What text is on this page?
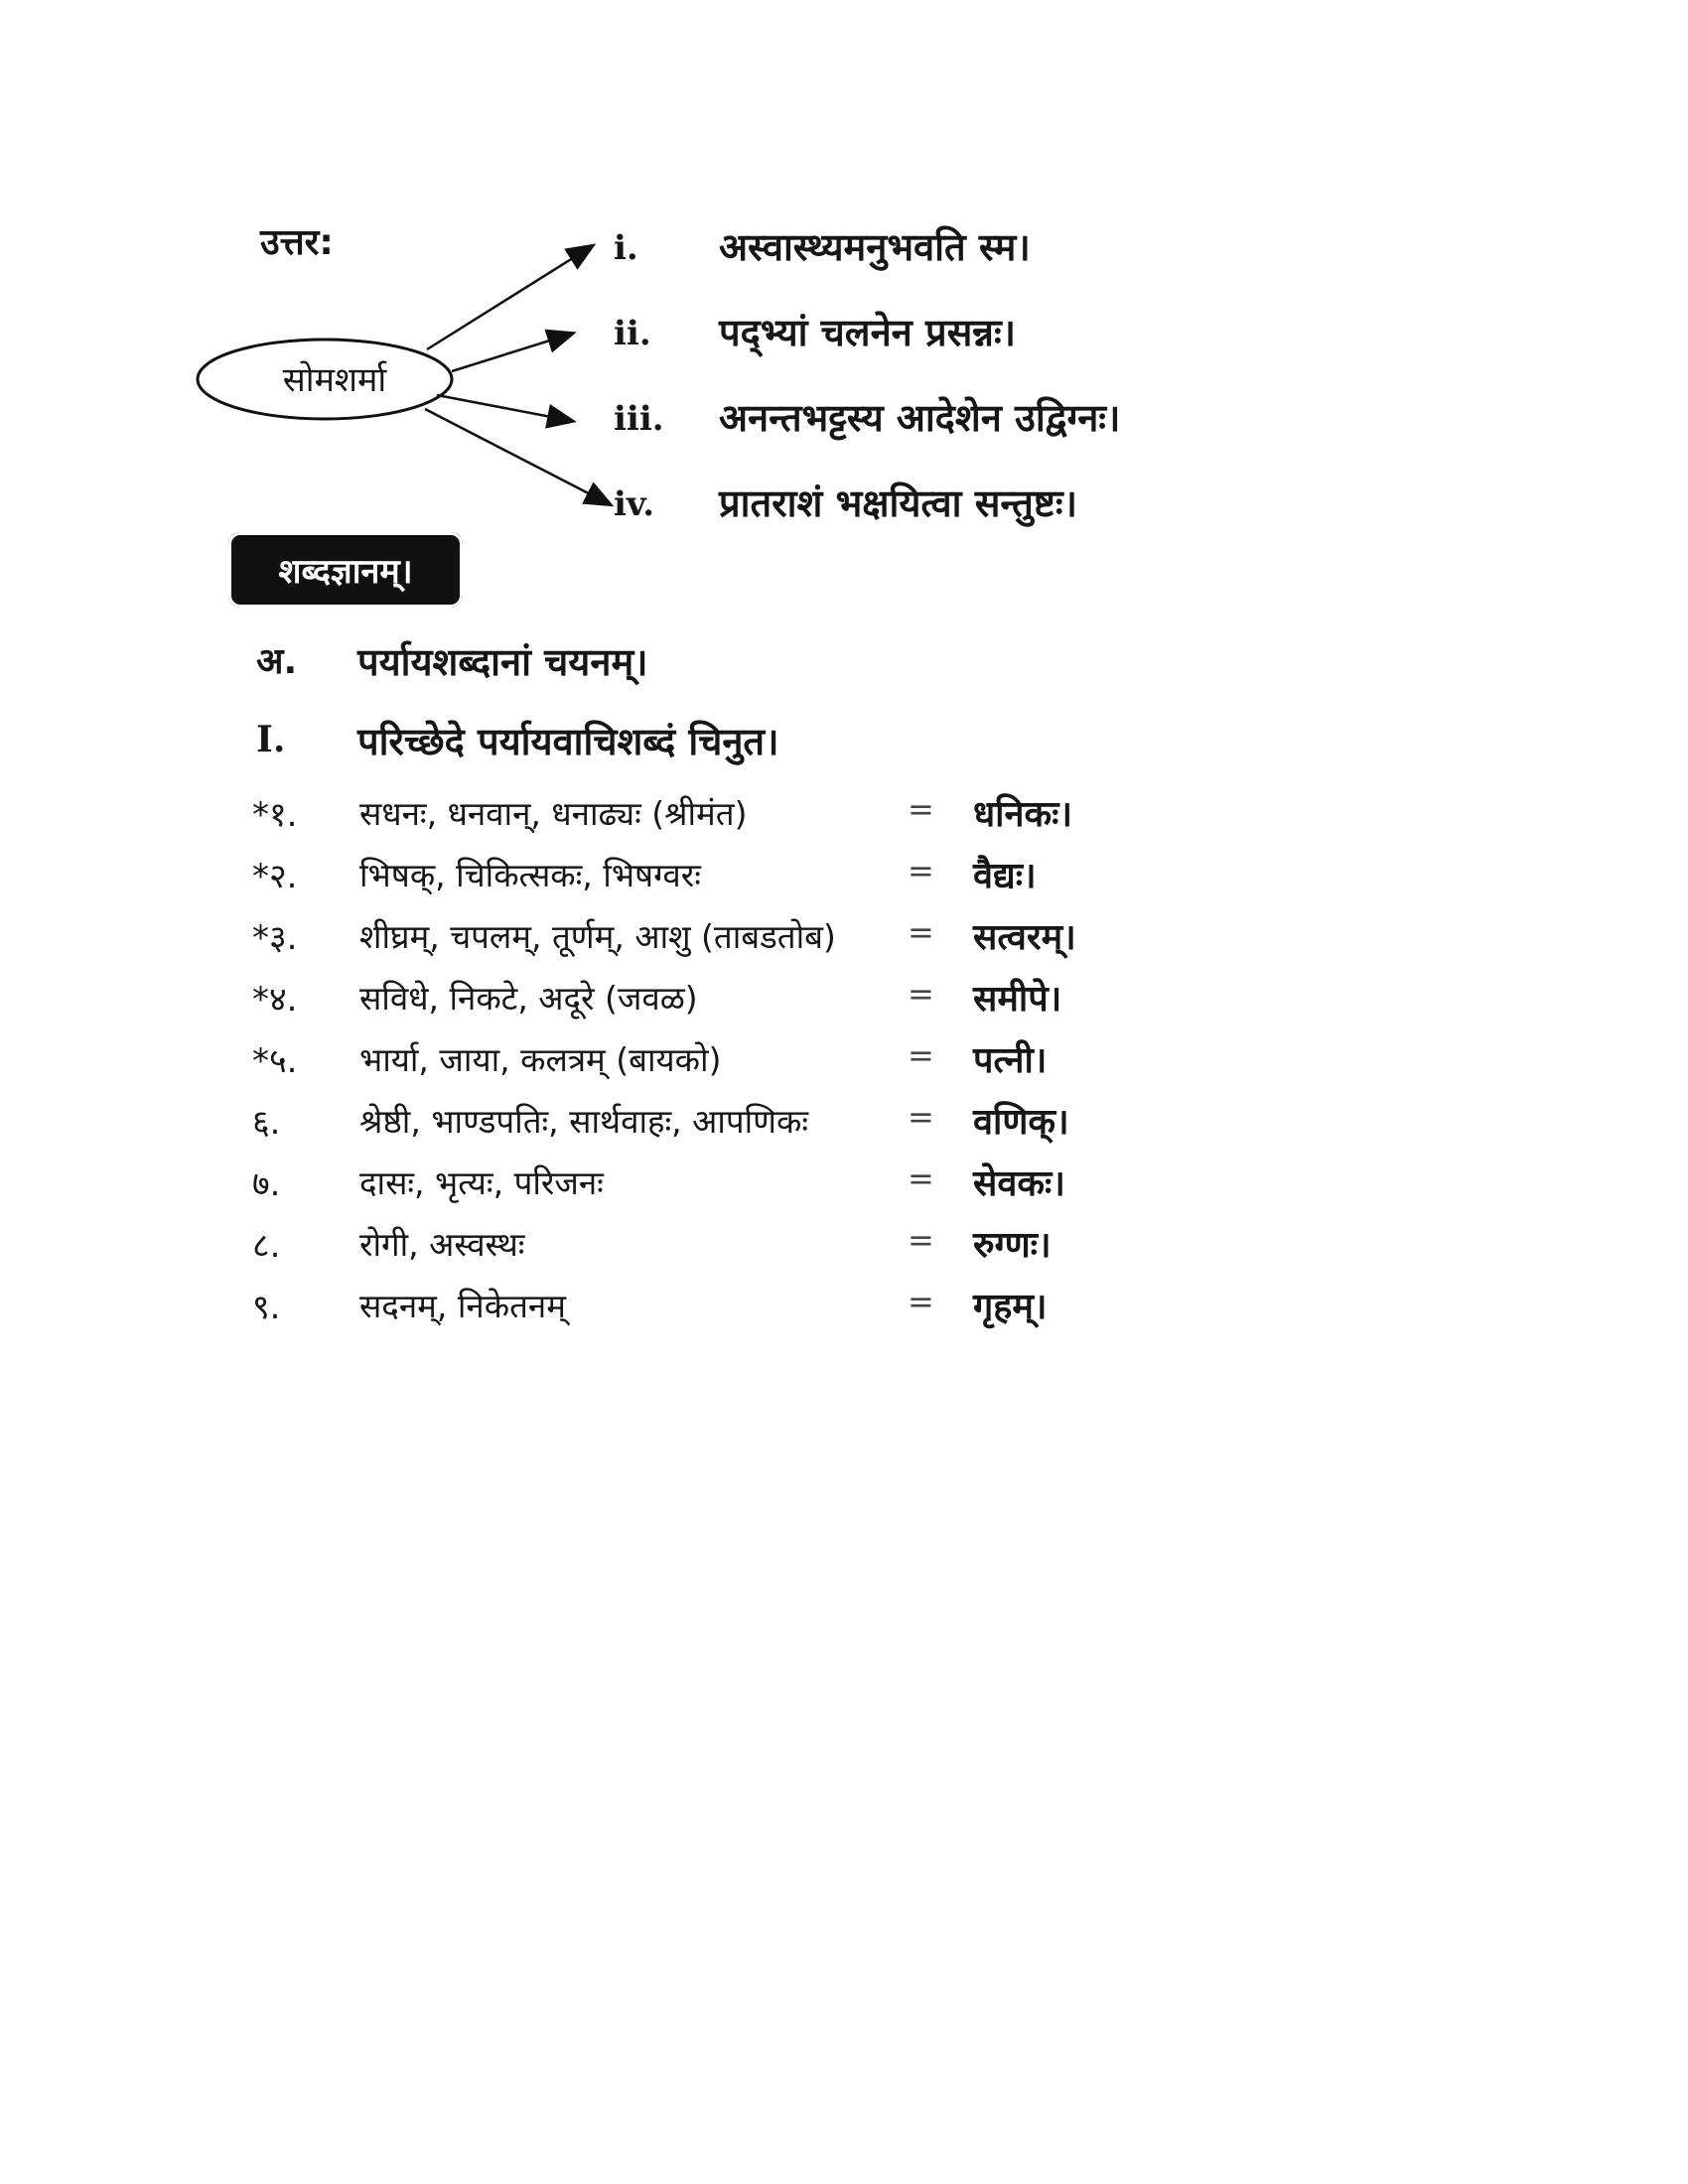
उत्तर:
सोमशर्मा
i. अस्वास्थ्यमनुभवति स्म।
ii. पद्भ्यां चलनेन प्रसन्नः।
iii. अनन्तभट्टस्य आदेशेन उद्विग्नः।
iv. प्रातराशं भक्षयित्वा सन्तुष्टः।
शब्दज्ञानम्।
अ. पर्यायशब्दानां चयनम्।
I. परिच्छेदे पर्यायवाचिशब्दं चिनुत।
*१. सधनः, धनवान्, धनाढ्यः (श्रीमंत)	= धनिकः।
*२. भिषक्, चिकित्सकः, भिषग्वरः	= वैद्यः।
*३. शीघ्रम्, चपलम्, तूर्णम्, आशु (ताबडतोब) = सत्वरम्।
*४. सविधे, निकटे, अदूरे (जवळ)	= समीपे।
*५. भार्या, जाया, कलत्रम् (बायको)	= पत्नी।
६. श्रेष्ठी, भाण्डपतिः, सार्थवाहः, आपणिकः	= वणिक्।
७. दासः, भृत्यः, परिजनः	= सेवकः।
८. रोगी, अस्वस्थः	= रुग्णः।
९. सदनम्, निकेतनम्	= गृहम्।
